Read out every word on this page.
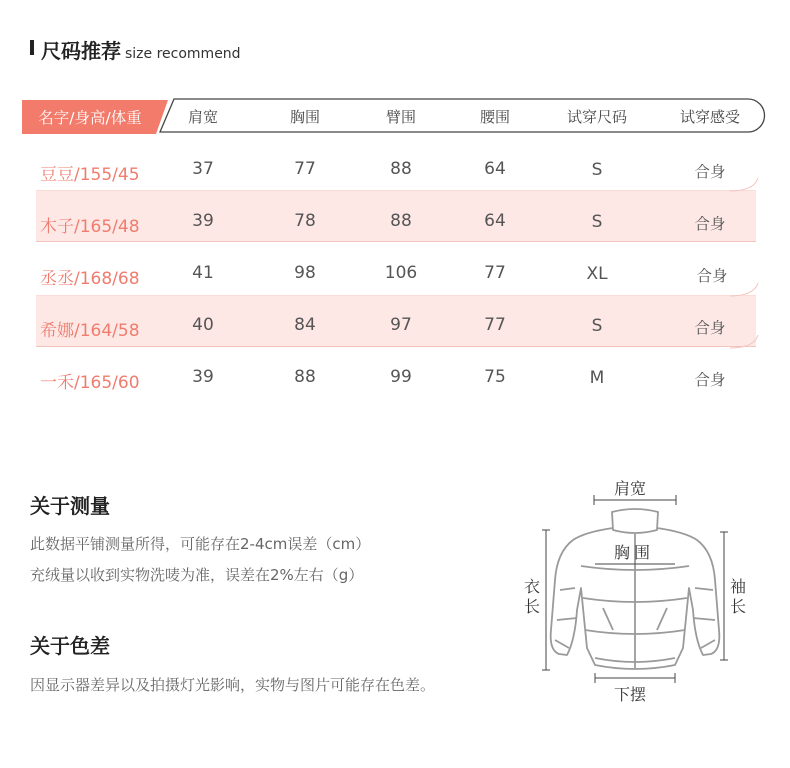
尺码推荐 size recommend
名字/身高/体重	肩宽	胸围	臂围	腰围	试穿尺码	试穿感受
豆豆/155/45	37	77	88	64	S	合身
木子/165/48	39	78	88	64	S	合身
丞丞/168/68	41	98	106	77	XL	合身
希娜/164/58	40	84	97	77	S	合身
一禾/165/60	39	88	99	75	M	合身
关于测量
此数据平铺测量所得，可能存在2-4cm误差（cm）
充绒量以收到实物洗唛为准，误差在2%左右（g）
关于色差
因显示器差异以及拍摄灯光影响，实物与图片可能存在色差。
肩宽
胸围
衣长
袖长
下摆
